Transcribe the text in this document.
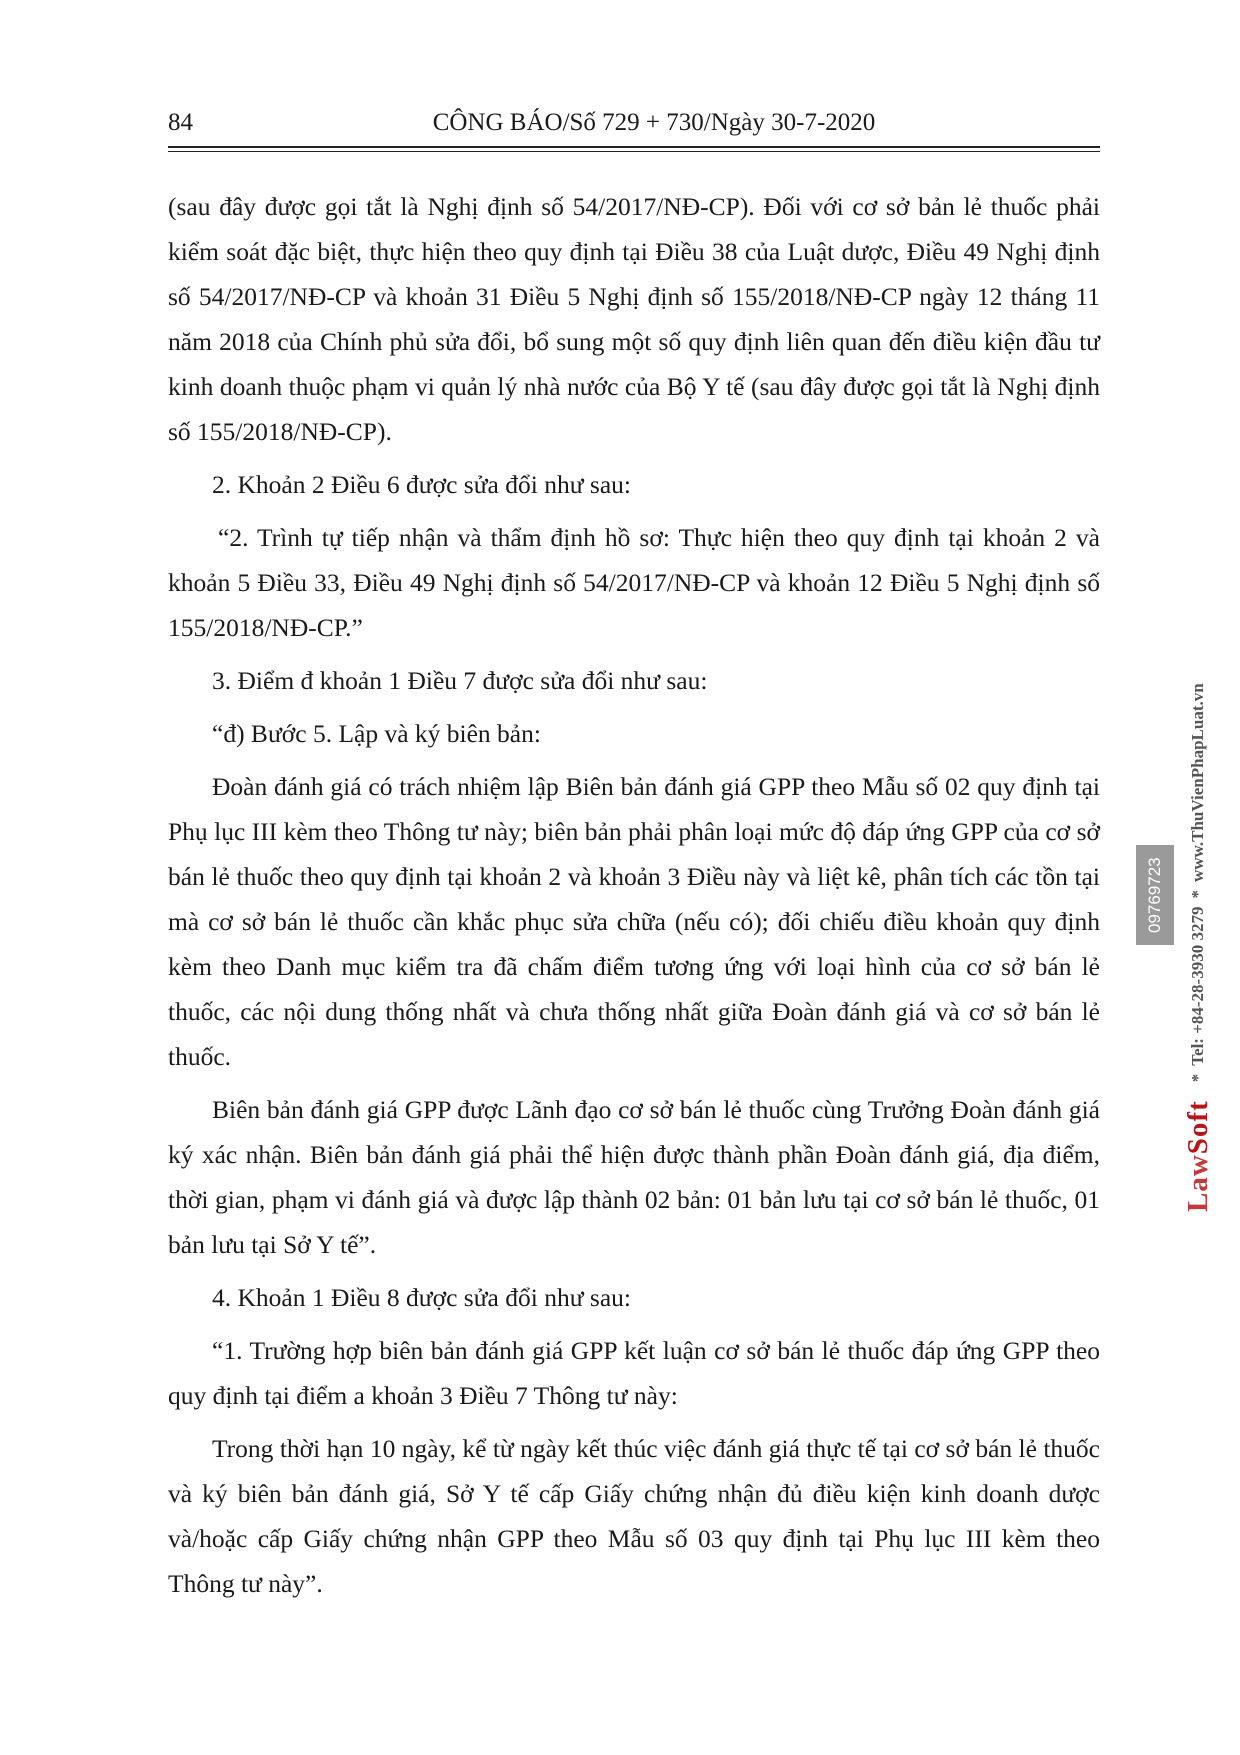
84	CÔNG BÁO/Số 729 + 730/Ngày 30-7-2020

(sau đây được gọi tắt là Nghị định số 54/2017/NĐ-CP). Đối với cơ sở bản lẻ thuốc phải kiểm soát đặc biệt, thực hiện theo quy định tại Điều 38 của Luật dược, Điều 49 Nghị định số 54/2017/NĐ-CP và khoản 31 Điều 5 Nghị định số 155/2018/NĐ-CP ngày 12 tháng 11 năm 2018 của Chính phủ sửa đổi, bổ sung một số quy định liên quan đến điều kiện đầu tư kinh doanh thuộc phạm vi quản lý nhà nước của Bộ Y tế (sau đây được gọi tắt là Nghị định số 155/2018/NĐ-CP).

2. Khoản 2 Điều 6 được sửa đổi như sau:

“2. Trình tự tiếp nhận và thẩm định hồ sơ: Thực hiện theo quy định tại khoản 2 và khoản 5 Điều 33, Điều 49 Nghị định số 54/2017/NĐ-CP và khoản 12 Điều 5 Nghị định số 155/2018/NĐ-CP.”

3. Điểm đ khoản 1 Điều 7 được sửa đổi như sau:

“đ) Bước 5. Lập và ký biên bản:

Đoàn đánh giá có trách nhiệm lập Biên bản đánh giá GPP theo Mẫu số 02 quy định tại Phụ lục III kèm theo Thông tư này; biên bản phải phân loại mức độ đáp ứng GPP của cơ sở bán lẻ thuốc theo quy định tại khoản 2 và khoản 3 Điều này và liệt kê, phân tích các tồn tại mà cơ sở bán lẻ thuốc cần khắc phục sửa chữa (nếu có); đối chiếu điều khoản quy định kèm theo Danh mục kiểm tra đã chấm điểm tương ứng với loại hình của cơ sở bán lẻ thuốc, các nội dung thống nhất và chưa thống nhất giữa Đoàn đánh giá và cơ sở bán lẻ thuốc.

Biên bản đánh giá GPP được Lãnh đạo cơ sở bán lẻ thuốc cùng Trưởng Đoàn đánh giá ký xác nhận. Biên bản đánh giá phải thể hiện được thành phần Đoàn đánh giá, địa điểm, thời gian, phạm vi đánh giá và được lập thành 02 bản: 01 bản lưu tại cơ sở bán lẻ thuốc, 01 bản lưu tại Sở Y tế”.

4. Khoản 1 Điều 8 được sửa đổi như sau:

“1. Trường hợp biên bản đánh giá GPP kết luận cơ sở bán lẻ thuốc đáp ứng GPP theo quy định tại điểm a khoản 3 Điều 7 Thông tư này:

Trong thời hạn 10 ngày, kể từ ngày kết thúc việc đánh giá thực tế tại cơ sở bán lẻ thuốc và ký biên bản đánh giá, Sở Y tế cấp Giấy chứng nhận đủ điều kiện kinh doanh dược và/hoặc cấp Giấy chứng nhận GPP theo Mẫu số 03 quy định tại Phụ lục III kèm theo Thông tư này”.

LawSoft
*
Tel: +84-28-3930 3279
*
www.ThuVienPhapLuat.vn
09769723
